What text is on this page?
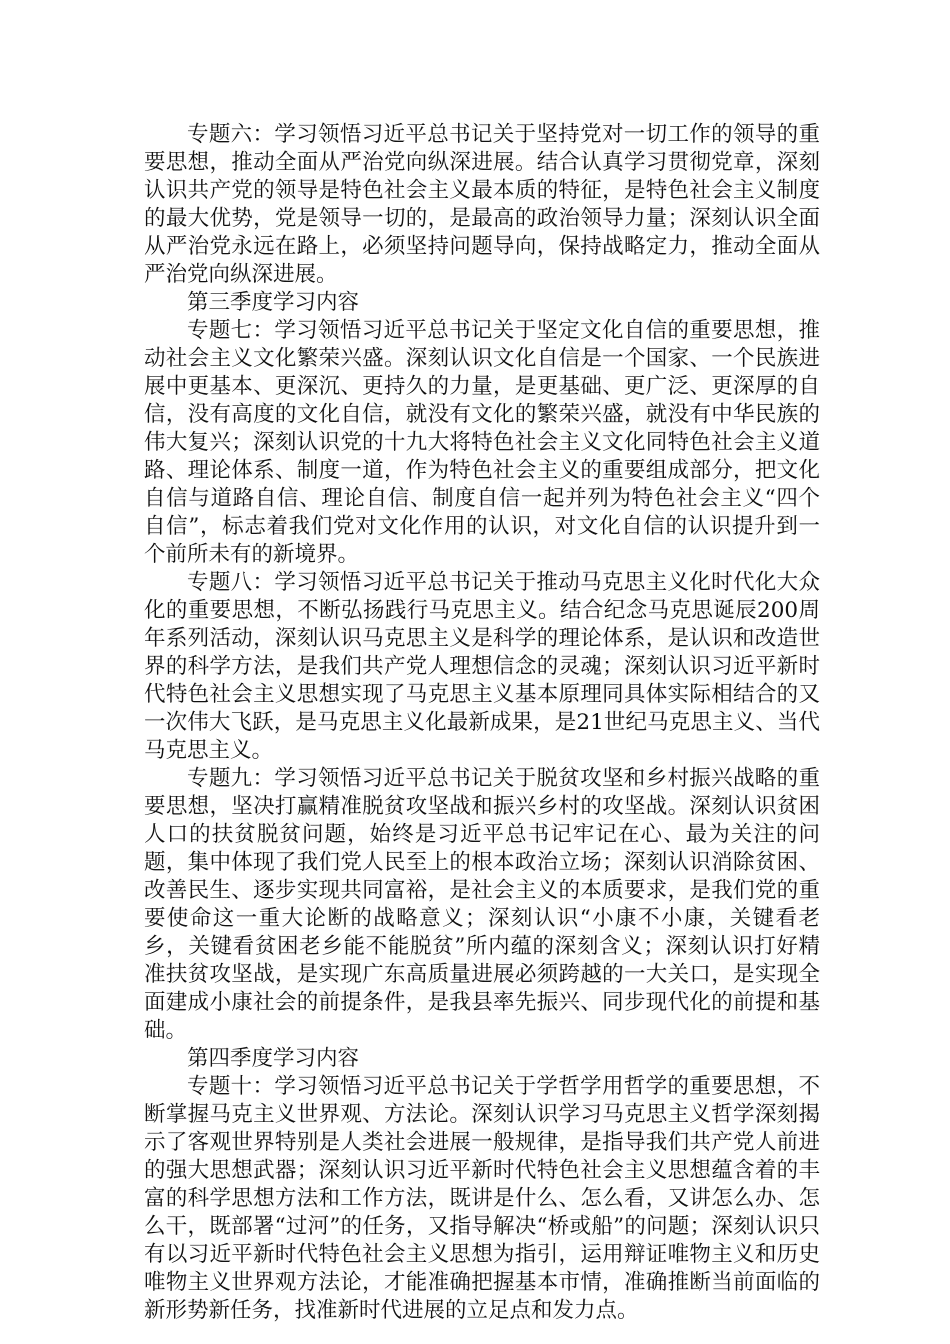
专题六：学习领悟习近平总书记关于坚持党对一切工作的领导的重要思想，推动全面从严治党向纵深进展。结合认真学习贯彻党章，深刻认识共产党的领导是特色社会主义最本质的特征，是特色社会主义制度的最大优势，党是领导一切的，是最高的政治领导力量；深刻认识全面从严治党永远在路上，必须坚持问题导向，保持战略定力，推动全面从严治党向纵深进展。

第三季度学习内容

专题七：学习领悟习近平总书记关于坚定文化自信的重要思想，推动社会主义文化繁荣兴盛。深刻认识文化自信是一个国家、一个民族进展中更基本、更深沉、更持久的力量，是更基础、更广泛、更深厚的自信，没有高度的文化自信，就没有文化的繁荣兴盛，就没有中华民族的伟大复兴；深刻认识党的十九大将特色社会主义文化同特色社会主义道路、理论体系、制度一道，作为特色社会主义的重要组成部分，把文化自信与道路自信、理论自信、制度自信一起并列为特色社会主义“四个自信”，标志着我们党对文化作用的认识，对文化自信的认识提升到一个前所未有的新境界。

专题八：学习领悟习近平总书记关于推动马克思主义化时代化大众化的重要思想，不断弘扬践行马克思主义。结合纪念马克思诞辰200周年系列活动，深刻认识马克思主义是科学的理论体系，是认识和改造世界的科学方法，是我们共产党人理想信念的灵魂；深刻认识习近平新时代特色社会主义思想实现了马克思主义基本原理同具体实际相结合的又一次伟大飞跃，是马克思主义化最新成果，是21世纪马克思主义、当代马克思主义。

专题九：学习领悟习近平总书记关于脱贫攻坚和乡村振兴战略的重要思想，坚决打赢精准脱贫攻坚战和振兴乡村的攻坚战。深刻认识贫困人口的扶贫脱贫问题，始终是习近平总书记牢记在心、最为关注的问题，集中体现了我们党人民至上的根本政治立场；深刻认识消除贫困、改善民生、逐步实现共同富裕，是社会主义的本质要求，是我们党的重要使命这一重大论断的战略意义；深刻认识“小康不小康，关键看老乡，关键看贫困老乡能不能脱贫”所内蕴的深刻含义；深刻认识打好精准扶贫攻坚战，是实现广东高质量进展必须跨越的一大关口，是实现全面建成小康社会的前提条件，是我县率先振兴、同步现代化的前提和基础。

第四季度学习内容

专题十：学习领悟习近平总书记关于学哲学用哲学的重要思想，不断掌握马克主义世界观、方法论。深刻认识学习马克思主义哲学深刻揭示了客观世界特别是人类社会进展一般规律，是指导我们共产党人前进的强大思想武器；深刻认识习近平新时代特色社会主义思想蕴含着的丰富的科学思想方法和工作方法，既讲是什么、怎么看，又讲怎么办、怎么干，既部署“过河”的任务，又指导解决“桥或船”的问题；深刻认识只有以习近平新时代特色社会主义思想为指引，运用辩证唯物主义和历史唯物主义世界观方法论，才能准确把握基本市情，准确推断当前面临的新形势新任务，找准新时代进展的立足点和发力点。
